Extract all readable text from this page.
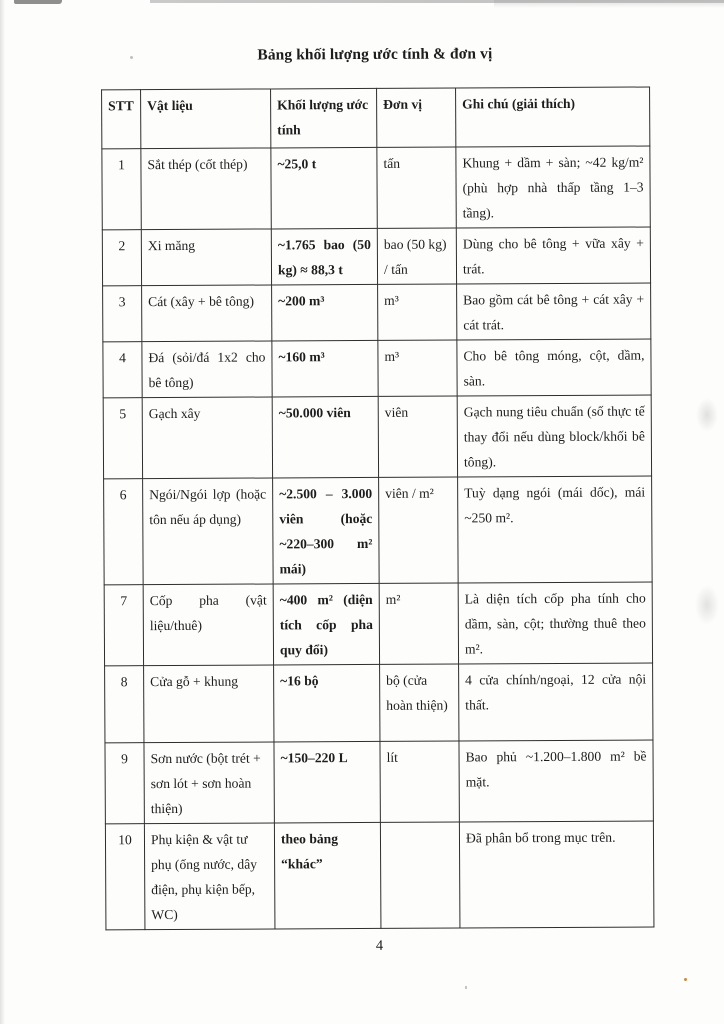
Bảng khối lượng ước tính & đơn vị
STT	Vật liệu	Khối lượng ước tính	Đơn vị	Ghi chú (giải thích)
1	Sắt thép (cốt thép)	~25,0 t	tấn	Khung + dầm + sàn; ~42 kg/m² (phù hợp nhà thấp tầng 1–3 tầng).
2	Xi măng	~1.765 bao (50 kg) ≈ 88,3 t	bao (50 kg) / tấn	Dùng cho bê tông + vữa xây + trát.
3	Cát (xây + bê tông)	~200 m³	m³	Bao gồm cát bê tông + cát xây + cát trát.
4	Đá (sỏi/đá 1x2 cho bê tông)	~160 m³	m³	Cho bê tông móng, cột, dầm, sàn.
5	Gạch xây	~50.000 viên	viên	Gạch nung tiêu chuẩn (số thực tế thay đổi nếu dùng block/khối bê tông).
6	Ngói/Ngói lợp (hoặc tôn nếu áp dụng)	~2.500 – 3.000 viên (hoặc ~220–300 m² mái)	viên / m²	Tuỳ dạng ngói (mái dốc), mái ~250 m².
7	Cốp pha (vật liệu/thuê)	~400 m² (diện tích cốp pha quy đổi)	m²	Là diện tích cốp pha tính cho dầm, sàn, cột; thường thuê theo m².
8	Cửa gỗ + khung	~16 bộ	bộ (cửa hoàn thiện)	4 cửa chính/ngoại, 12 cửa nội thất.
9	Sơn nước (bột trét + sơn lót + sơn hoàn thiện)	~150–220 L	lít	Bao phủ ~1.200–1.800 m² bề mặt.
10	Phụ kiện & vật tư phụ (ống nước, dây điện, phụ kiện bếp, WC)	theo bảng “khác”		Đã phân bổ trong mục trên.
4
